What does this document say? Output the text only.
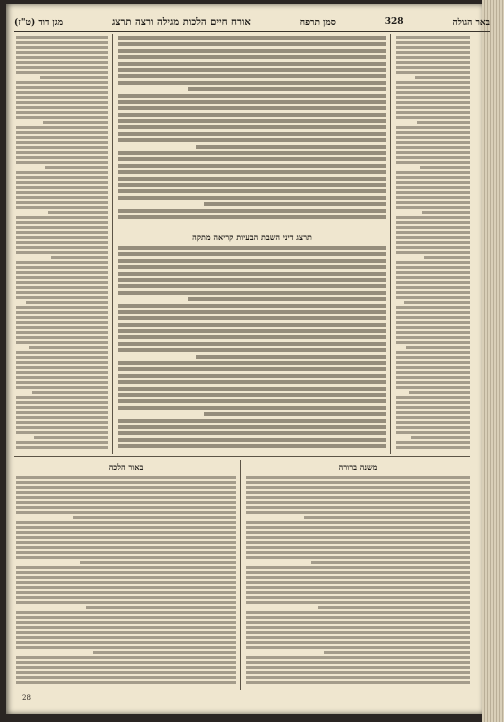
באר הגולה
328
סמן תרפח
אורח חיים הלכות מגילה ורצה תרצג
מגן דוד (ט"ז)
תרצג דיני השבת הבעיות קריאה מתקה
משנה ברורה
באור הלכה
28
